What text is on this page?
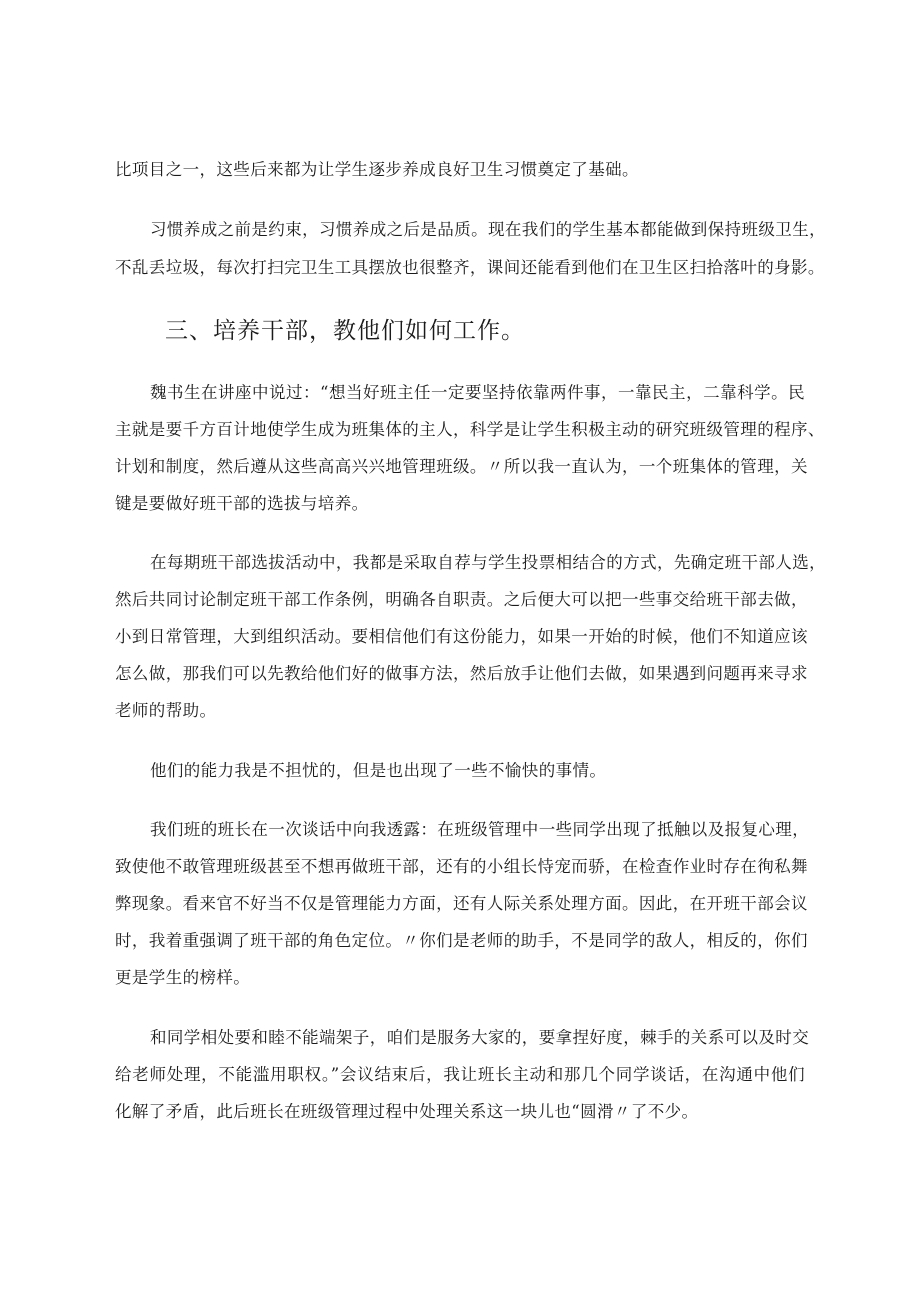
比项目之一，这些后来都为让学生逐步养成良好卫生习惯奠定了基础。
习惯养成之前是约束，习惯养成之后是品质。现在我们的学生基本都能做到保持班级卫生，
不乱丢垃圾，每次打扫完卫生工具摆放也很整齐，课间还能看到他们在卫生区扫拾落叶的身影。
三、培养干部，教他们如何工作。
魏书生在讲座中说过：“想当好班主任一定要坚持依靠两件事，一靠民主，二靠科学。民
主就是要千方百计地使学生成为班集体的主人，科学是让学生积极主动的研究班级管理的程序、
计划和制度，然后遵从这些高高兴兴地管理班级。〃所以我一直认为，一个班集体的管理，关
键是要做好班干部的选拔与培养。
在每期班干部选拔活动中，我都是采取自荐与学生投票相结合的方式，先确定班干部人选，
然后共同讨论制定班干部工作条例，明确各自职责。之后便大可以把一些事交给班干部去做，
小到日常管理，大到组织活动。要相信他们有这份能力，如果一开始的时候，他们不知道应该
怎么做，那我们可以先教给他们好的做事方法，然后放手让他们去做，如果遇到问题再来寻求
老师的帮助。
他们的能力我是不担忧的，但是也出现了一些不愉快的事情。
我们班的班长在一次谈话中向我透露：在班级管理中一些同学出现了抵触以及报复心理，
致使他不敢管理班级甚至不想再做班干部，还有的小组长恃宠而骄，在检查作业时存在徇私舞
弊现象。看来官不好当不仅是管理能力方面，还有人际关系处理方面。因此，在开班干部会议
时，我着重强调了班干部的角色定位。〃你们是老师的助手，不是同学的敌人，相反的，你们
更是学生的榜样。
和同学相处要和睦不能端架子，咱们是服务大家的，要拿捏好度，棘手的关系可以及时交
给老师处理，不能滥用职权。”会议结束后，我让班长主动和那几个同学谈话，在沟通中他们
化解了矛盾，此后班长在班级管理过程中处理关系这一块儿也“圆滑〃了不少。
